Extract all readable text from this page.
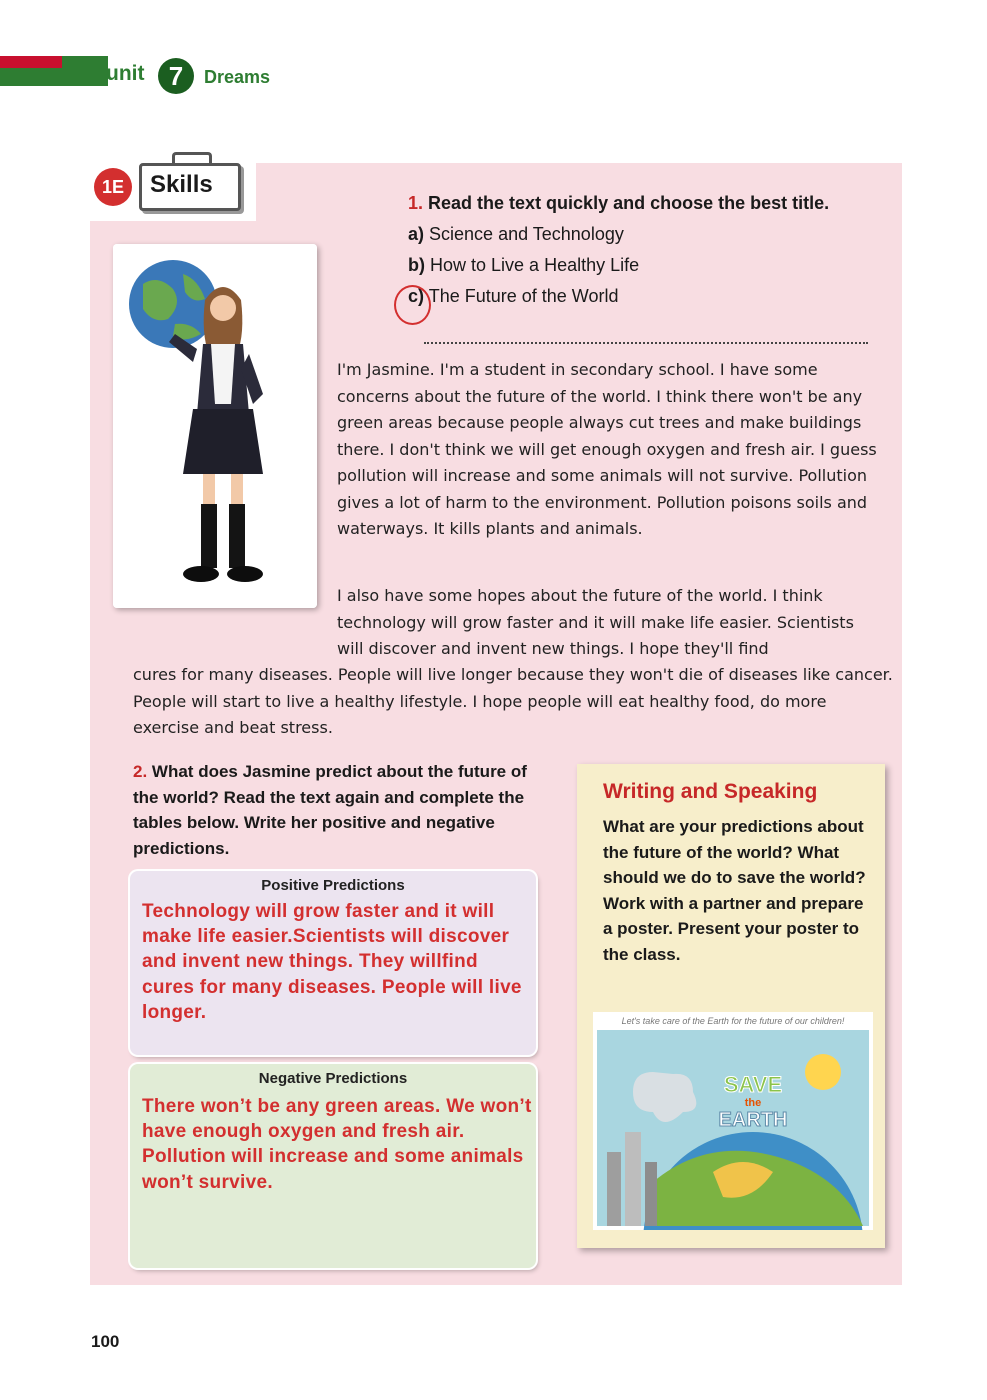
unit 7	Dreams
1E	Skills
1. Read the text quickly and choose the best title.
a) Science and Technology
b) How to Live a Healthy Life
c) The Future of the World
I'm Jasmine. I'm a student in secondary school. I have some concerns about the future of the world. I think there won't be any green areas because people always cut trees and make buildings there. I don't think we will get enough oxygen and fresh air. I guess pollution will increase and some animals will not survive. Pollution gives a lot of harm to the environment. Pollution poisons soils and waterways. It kills plants and animals.
I also have some hopes about the future of the world. I think technology will grow faster and it will make life easier. Scientists will discover and invent new things. I hope they'll find
cures for many diseases. People will live longer because they won't die of diseases like cancer. People will start to live a healthy lifestyle. I hope people will eat healthy food, do more exercise and beat stress.
2. What does Jasmine predict about the future of the world? Read the text again and complete the tables below. Write her positive and negative predictions.
Positive Predictions
Technology will grow faster and it will make life easier.Scientists will discover and invent new things. They willfind cures for many diseases. People will live longer.
Negative Predictions
There won’t be any green areas. We won’t have enough oxygen and fresh air. Pollution will increase and some animals won’t survive.
Writing and Speaking
What are your predictions about the future of the world? What should we do to save the world? Work with a partner and prepare a poster. Present your poster to the class.
Let's take care of the Earth for the future of our children!
SAVE
the
EARTH
100
